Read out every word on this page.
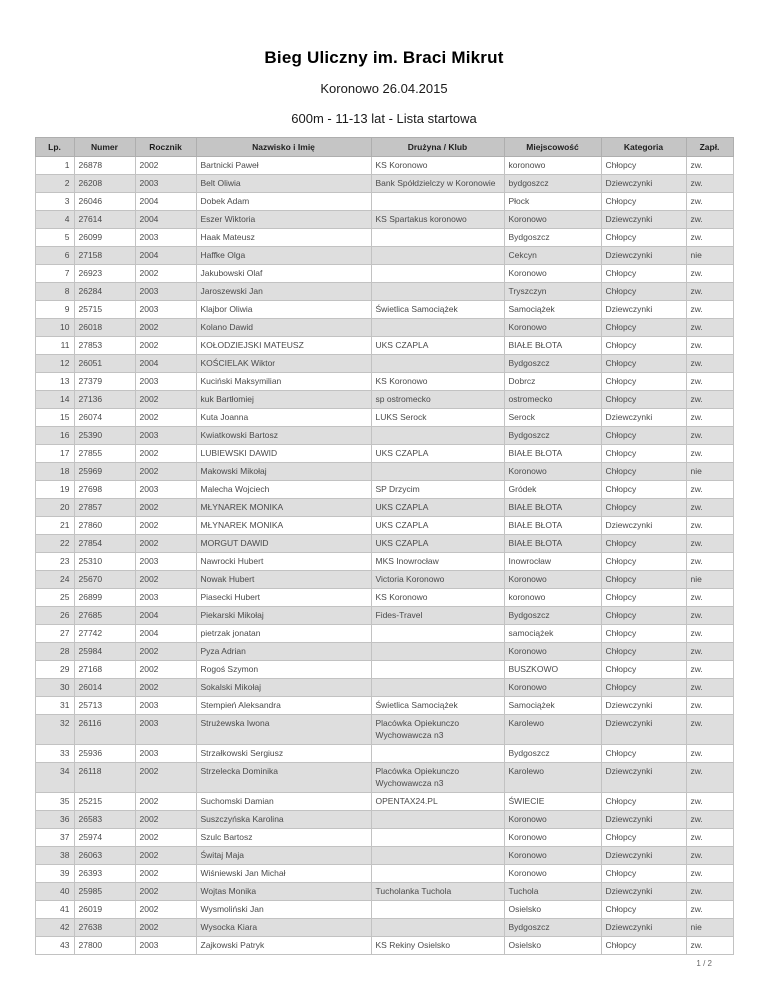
Bieg Uliczny im. Braci Mikrut
Koronowo 26.04.2015
600m - 11-13 lat - Lista startowa
Lp.	Numer	Rocznik	Nazwisko i Imię	Drużyna / Klub	Miejscowość	Kategoria	Zapł.
1	26878	2002	Bartnicki Paweł	KS Koronowo	koronowo	Chłopcy	zw.
2	26208	2003	Belt Oliwia	Bank Spółdzielczy w Koronowie	bydgoszcz	Dziewczynki	zw.
3	26046	2004	Dobek Adam		Płock	Chłopcy	zw.
4	27614	2004	Eszer Wiktoria	KS Spartakus koronowo	Koronowo	Dziewczynki	zw.
5	26099	2003	Haak Mateusz		Bydgoszcz	Chłopcy	zw.
6	27158	2004	Haffke Olga		Cekcyn	Dziewczynki	nie
7	26923	2002	Jakubowski Olaf		Koronowo	Chłopcy	zw.
8	26284	2003	Jaroszewski Jan		Tryszczyn	Chłopcy	zw.
9	25715	2003	Klajbor Oliwia	Świetlica Samociążek	Samociążek	Dziewczynki	zw.
10	26018	2002	Kolano Dawid		Koronowo	Chłopcy	zw.
11	27853	2002	KOŁODZIEJSKI MATEUSZ	UKS CZAPLA	BIAŁE BŁOTA	Chłopcy	zw.
12	26051	2004	KOŚCIELAK Wiktor		Bydgoszcz	Chłopcy	zw.
13	27379	2003	Kuciński Maksymilian	KS Koronowo	Dobrcz	Chłopcy	zw.
14	27136	2002	kuk Bartłomiej	sp ostromecko	ostromecko	Chłopcy	zw.
15	26074	2002	Kuta Joanna	LUKS Serock	Serock	Dziewczynki	zw.
16	25390	2003	Kwiatkowski Bartosz		Bydgoszcz	Chłopcy	zw.
17	27855	2002	LUBIEWSKI DAWID	UKS CZAPLA	BIAŁE BŁOTA	Chłopcy	zw.
18	25969	2002	Makowski Mikołaj		Koronowo	Chłopcy	nie
19	27698	2003	Malecha Wojciech	SP Drzycim	Gródek	Chłopcy	zw.
20	27857	2002	MŁYNAREK MONIKA	UKS CZAPLA	BIAŁE BŁOTA	Chłopcy	zw.
21	27860	2002	MŁYNAREK MONIKA	UKS CZAPLA	BIAŁE BŁOTA	Dziewczynki	zw.
22	27854	2002	MORGUT DAWID	UKS CZAPLA	BIAŁE BŁOTA	Chłopcy	zw.
23	25310	2003	Nawrocki Hubert	MKS Inowrocław	Inowrocław	Chłopcy	zw.
24	25670	2002	Nowak Hubert	Victoria Koronowo	Koronowo	Chłopcy	nie
25	26899	2003	Piasecki Hubert	KS Koronowo	koronowo	Chłopcy	zw.
26	27685	2004	Piekarski Mikołaj	Fides-Travel	Bydgoszcz	Chłopcy	zw.
27	27742	2004	pietrzak jonatan		samociążek	Chłopcy	zw.
28	25984	2002	Pyza Adrian		Koronowo	Chłopcy	zw.
29	27168	2002	Rogoś Szymon		BUSZKOWO	Chłopcy	zw.
30	26014	2002	Sokalski Mikołaj		Koronowo	Chłopcy	zw.
31	25713	2003	Stempień Aleksandra	Świetlica Samociążek	Samociążek	Dziewczynki	zw.
32	26116	2003	Strużewska Iwona	Placówka Opiekunczo Wychowawcza n3	Karolewo	Dziewczynki	zw.
33	25936	2003	Strzałkowski Sergiusz		Bydgoszcz	Chłopcy	zw.
34	26118	2002	Strzelecka Dominika	Placówka Opiekunczo Wychowawcza n3	Karolewo	Dziewczynki	zw.
35	25215	2002	Suchomski Damian	OPENTAX24.PL	ŚWIECIE	Chłopcy	zw.
36	26583	2002	Suszczyńska Karolina		Koronowo	Dziewczynki	zw.
37	25974	2002	Szulc Bartosz		Koronowo	Chłopcy	zw.
38	26063	2002	Świtaj Maja		Koronowo	Dziewczynki	zw.
39	26393	2002	Wiśniewski Jan Michał		Koronowo	Chłopcy	zw.
40	25985	2002	Wojtas Monika	Tucholanka Tuchola	Tuchola	Dziewczynki	zw.
41	26019	2002	Wysmoliński Jan		Osielsko	Chłopcy	zw.
42	27638	2002	Wysocka Kiara		Bydgoszcz	Dziewczynki	nie
43	27800	2003	Zajkowski Patryk	KS Rekiny Osielsko	Osielsko	Chłopcy	zw.
1 / 2
